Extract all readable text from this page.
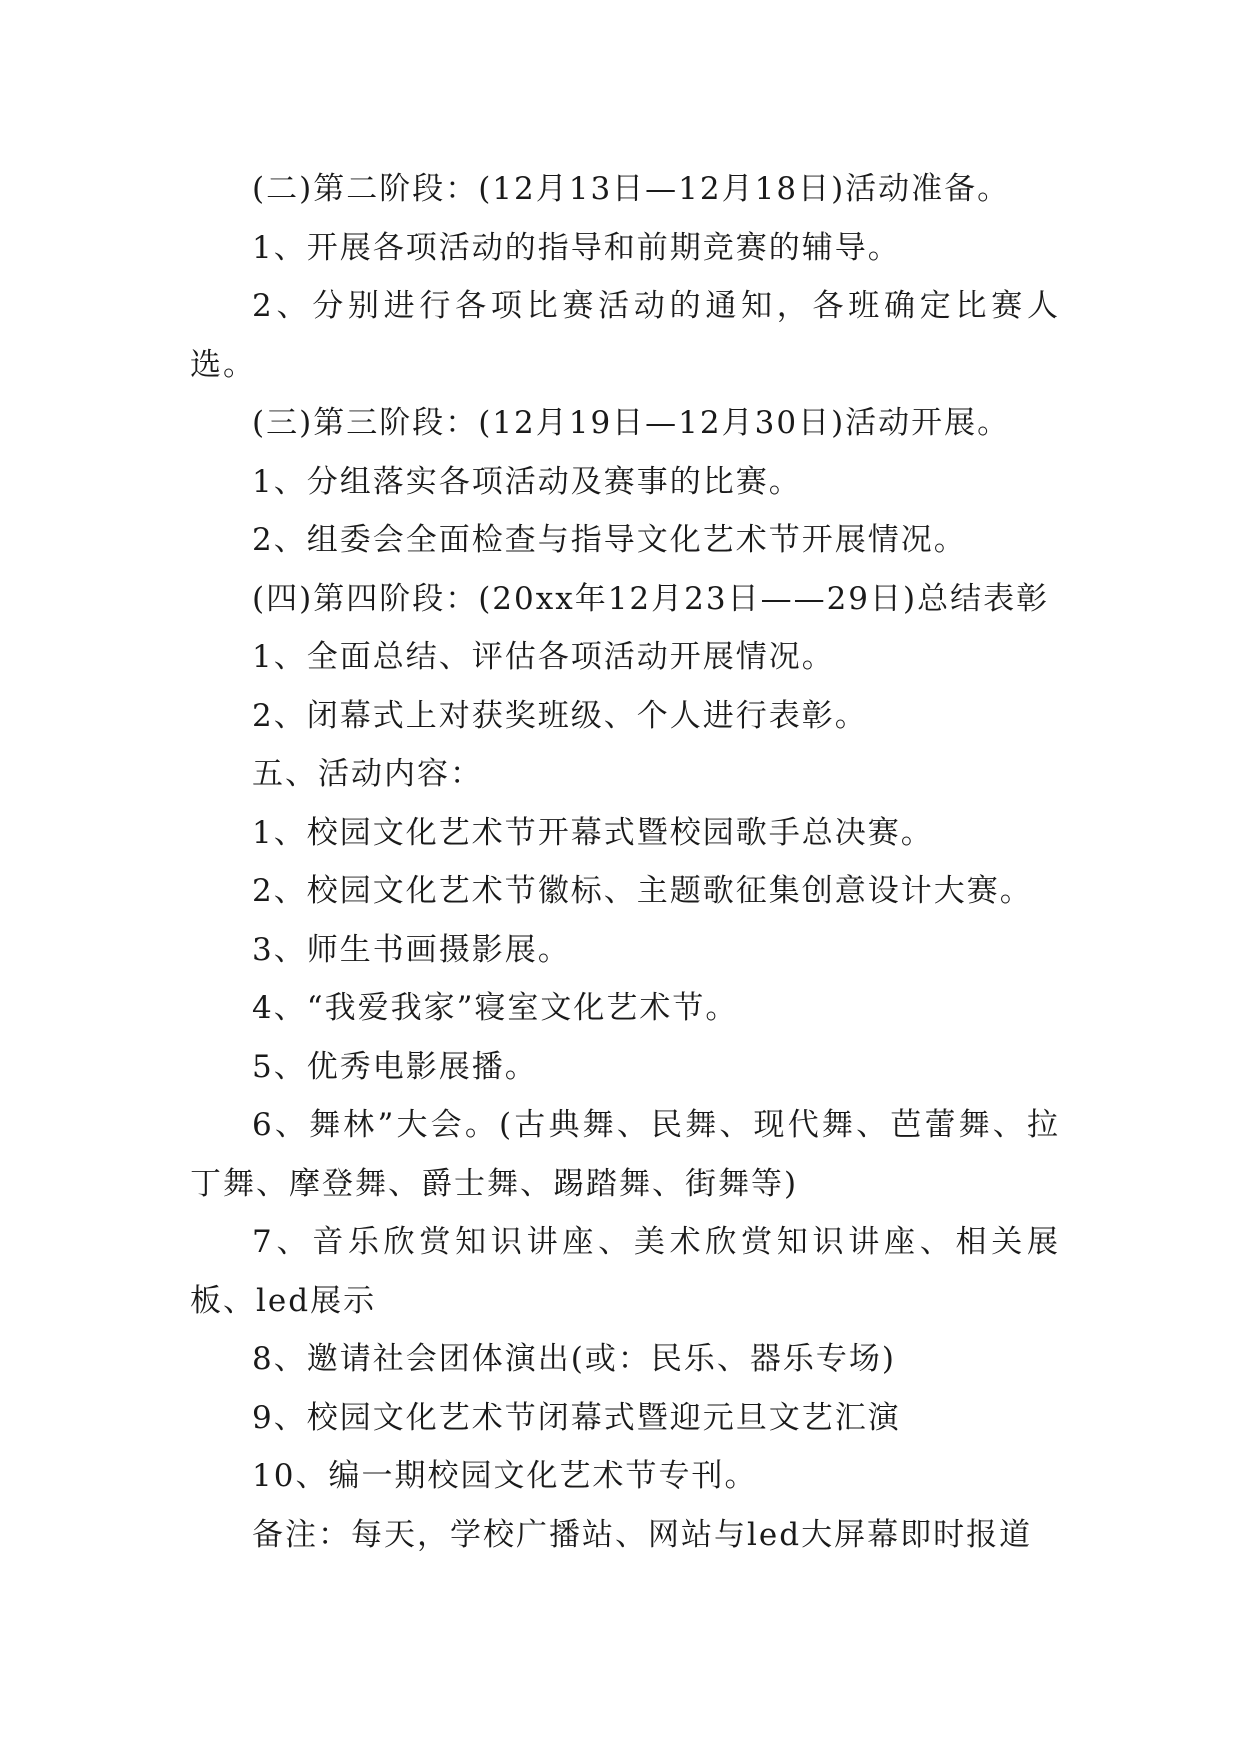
(二)第二阶段：(12月13日—12月18日)活动准备。

1、开展各项活动的指导和前期竞赛的辅导。

2、分别进行各项比赛活动的通知，各班确定比赛人选。

(三)第三阶段：(12月19日—12月30日)活动开展。

1、分组落实各项活动及赛事的比赛。

2、组委会全面检查与指导文化艺术节开展情况。

(四)第四阶段：(20xx年12月23日——29日)总结表彰

1、全面总结、评估各项活动开展情况。

2、闭幕式上对获奖班级、个人进行表彰。

五、活动内容：

1、校园文化艺术节开幕式暨校园歌手总决赛。

2、校园文化艺术节徽标、主题歌征集创意设计大赛。

3、师生书画摄影展。

4、“我爱我家”寝室文化艺术节。

5、优秀电影展播。

6、舞林”大会。(古典舞、民舞、现代舞、芭蕾舞、拉丁舞、摩登舞、爵士舞、踢踏舞、街舞等)

7、音乐欣赏知识讲座、美术欣赏知识讲座、相关展板、led展示

8、邀请社会团体演出(或：民乐、器乐专场)

9、校园文化艺术节闭幕式暨迎元旦文艺汇演

10、编一期校园文化艺术节专刊。

备注：每天，学校广播站、网站与led大屏幕即时报道
